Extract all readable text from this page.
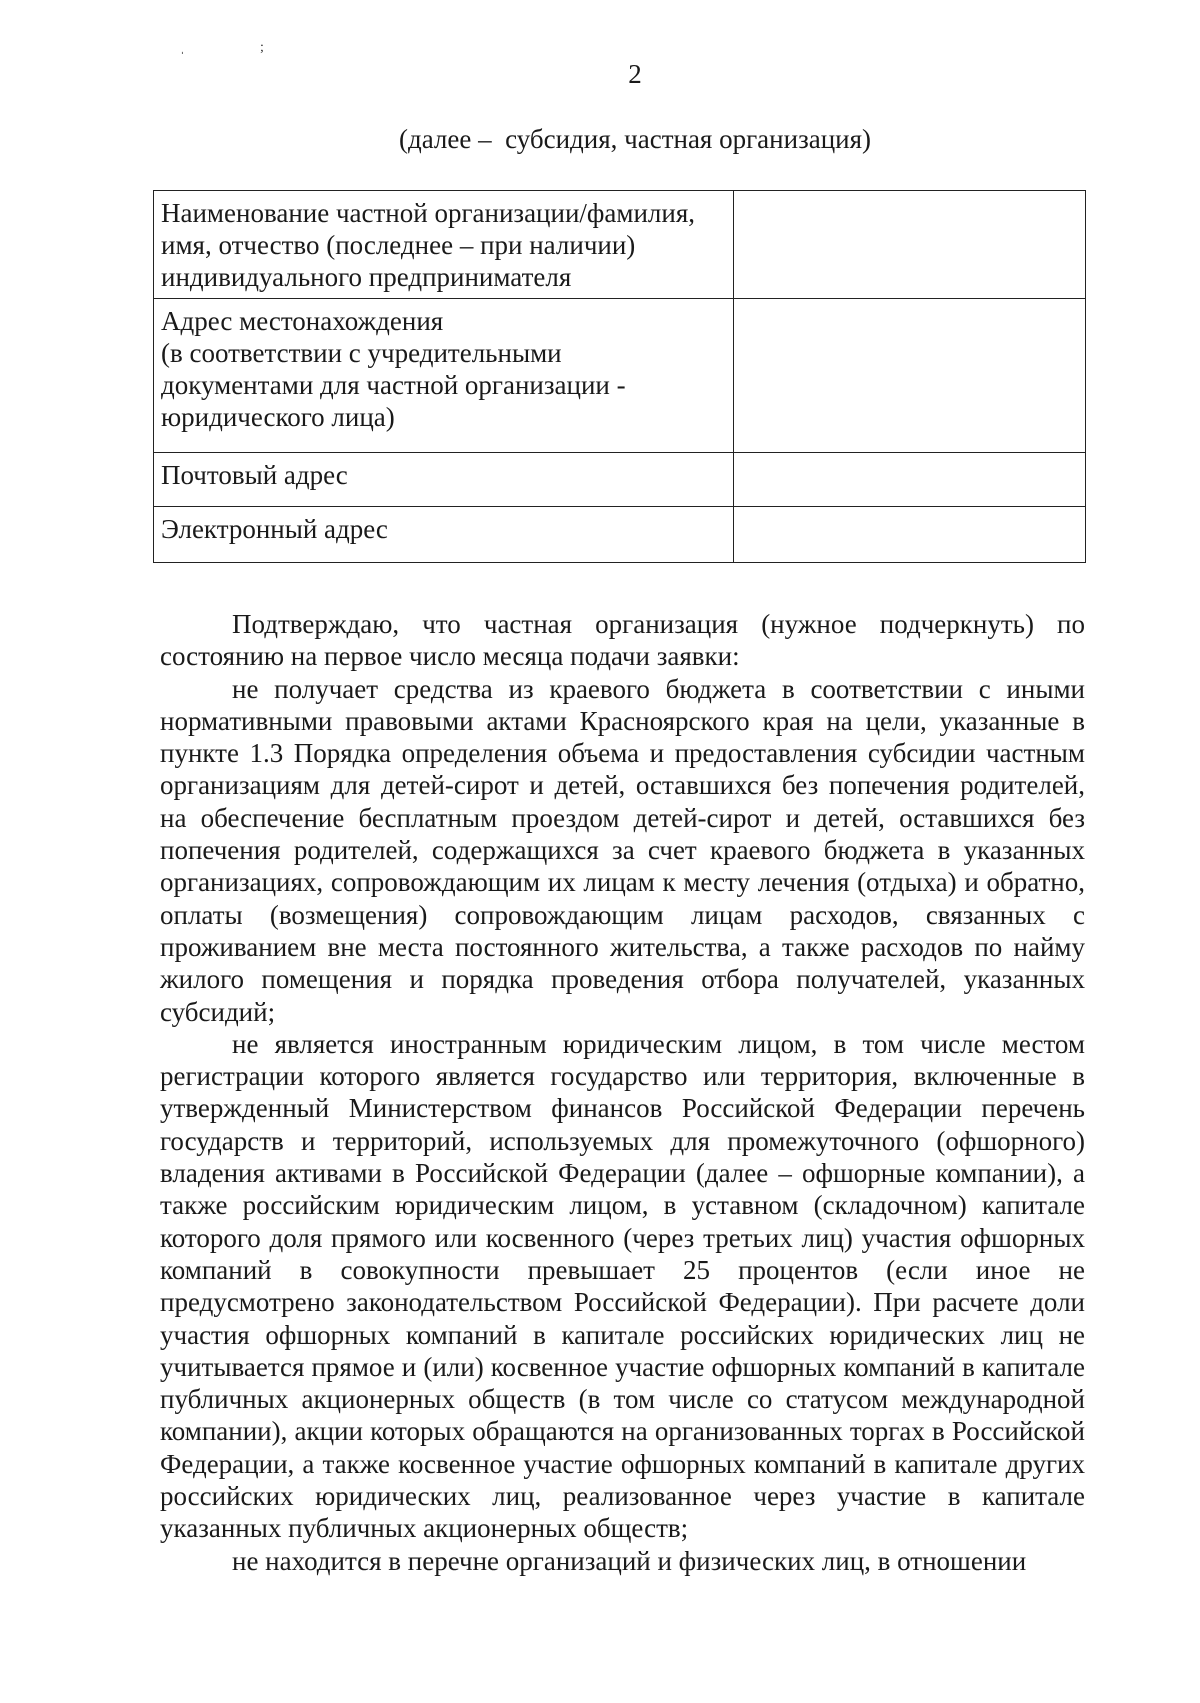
ˌ	;
2
(далее –  субсидия, частная организация)
Наименование частной организации/фамилия,
имя, отчество (последнее – при наличии)
индивидуального предпринимателя	
Адрес местонахождения
(в соответствии с учредительными
документами для частной организации -
юридического лица)	
Почтовый адрес	
Электронный адрес	

Подтверждаю, что частная организация (нужное подчеркнуть) по состоянию на первое число месяца подачи заявки:

не получает средства из краевого бюджета в соответствии с иными нормативными правовыми актами Красноярского края на цели, указанные в пункте 1.3 Порядка определения объема и предоставления субсидии частным организациям для детей-сирот и детей, оставшихся без попечения родителей, на обеспечение бесплатным проездом детей-сирот и детей, оставшихся без попечения родителей, содержащихся за счет краевого бюджета в указанных организациях, сопровождающим их лицам к месту лечения (отдыха) и обратно, оплаты (возмещения) сопровождающим лицам расходов, связанных с проживанием вне места постоянного жительства, а также расходов по найму жилого помещения и порядка проведения отбора получателей, указанных субсидий;

не является иностранным юридическим лицом, в том числе местом регистрации которого является государство или территория, включенные в утвержденный Министерством финансов Российской Федерации перечень государств и территорий, используемых для промежуточного (офшорного) владения активами в Российской Федерации (далее – офшорные компании), а также российским юридическим лицом, в уставном (складочном) капитале которого доля прямого или косвенного (через третьих лиц) участия офшорных компаний в совокупности превышает 25 процентов (если иное не предусмотрено законодательством Российской Федерации). При расчете доли участия офшорных компаний в капитале российских юридических лиц не учитывается прямое и (или) косвенное участие офшорных компаний в капитале публичных акционерных обществ (в том числе со статусом международной компании), акции которых обращаются на организованных торгах в Российской Федерации, а также косвенное участие офшорных компаний в капитале других российских юридических лиц, реализованное через участие в капитале указанных публичных акционерных обществ;

не находится в перечне организаций и физических лиц, в отношении
